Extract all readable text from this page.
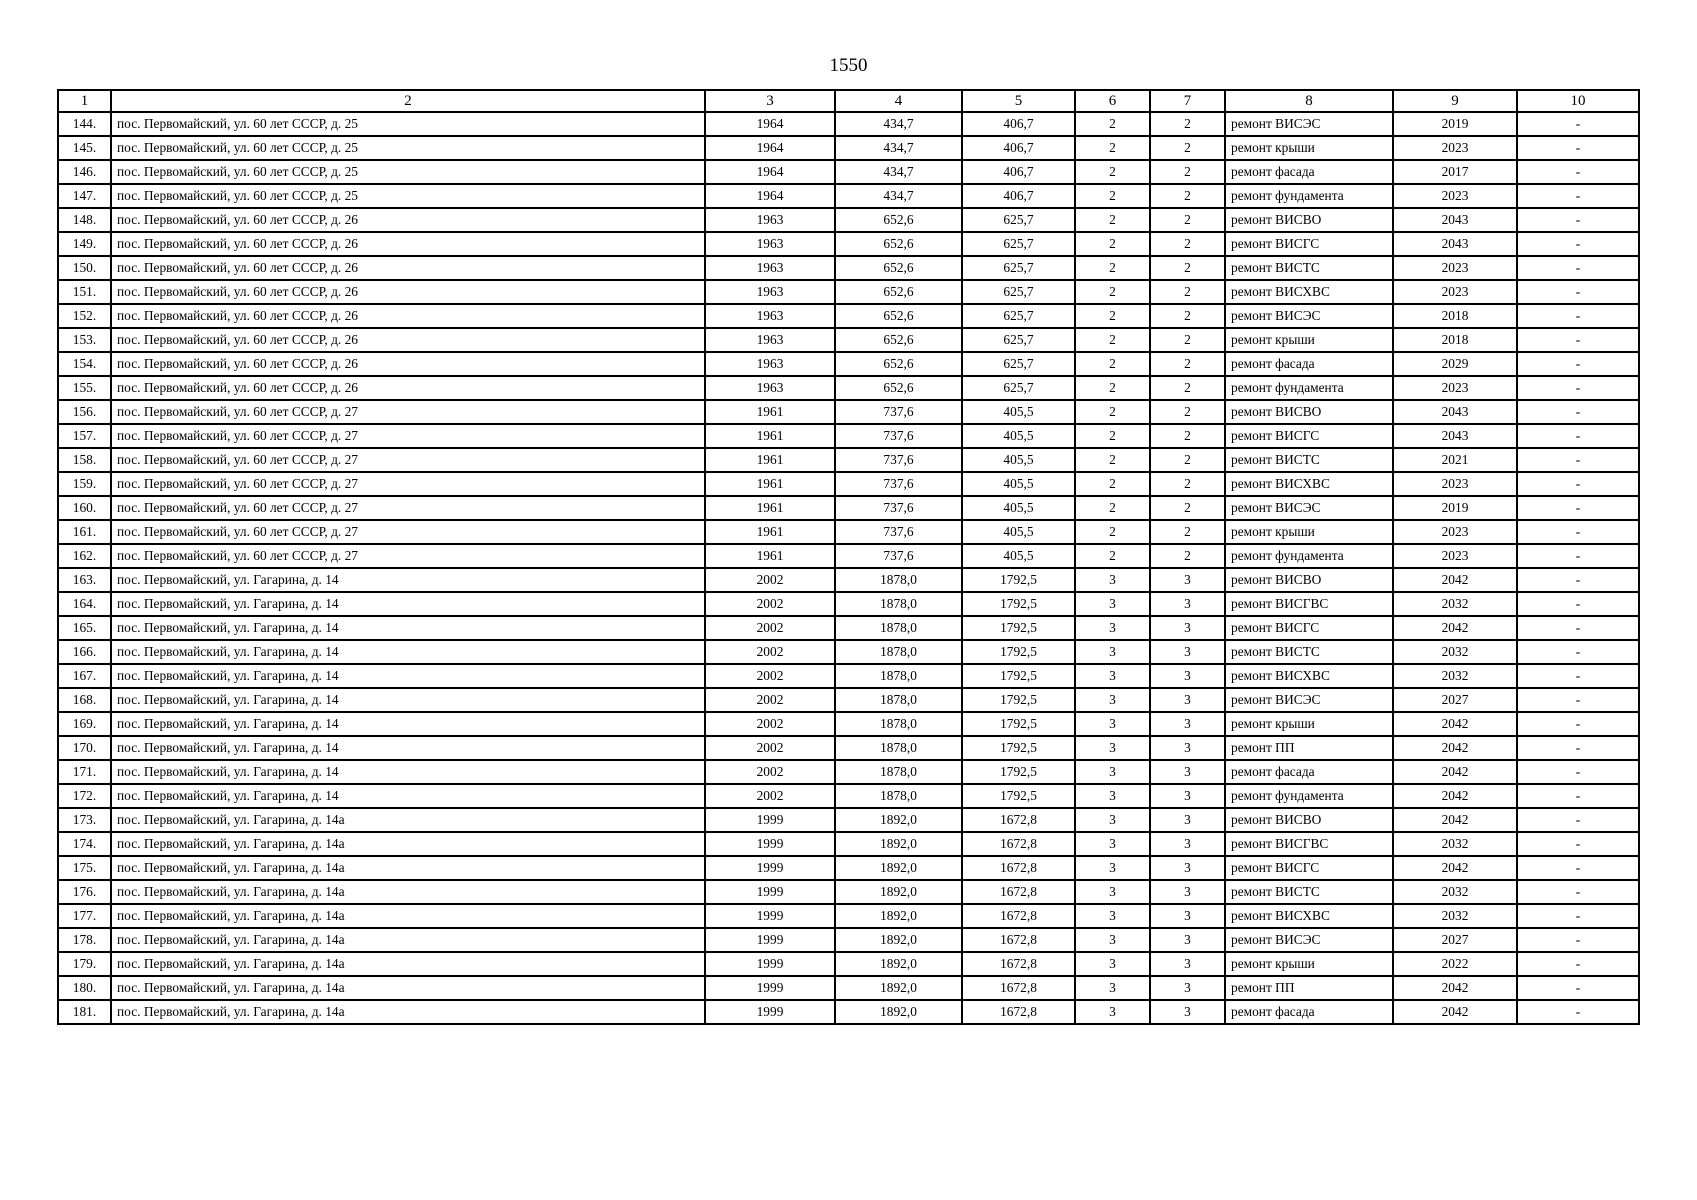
1550
1	2	3	4	5	6	7	8	9	10
144.	пос. Первомайский, ул. 60 лет СССР, д. 25	1964	434,7	406,7	2	2	ремонт ВИСЭС	2019	-
145.	пос. Первомайский, ул. 60 лет СССР, д. 25	1964	434,7	406,7	2	2	ремонт крыши	2023	-
146.	пос. Первомайский, ул. 60 лет СССР, д. 25	1964	434,7	406,7	2	2	ремонт фасада	2017	-
147.	пос. Первомайский, ул. 60 лет СССР, д. 25	1964	434,7	406,7	2	2	ремонт фундамента	2023	-
148.	пос. Первомайский, ул. 60 лет СССР, д. 26	1963	652,6	625,7	2	2	ремонт ВИСВО	2043	-
149.	пос. Первомайский, ул. 60 лет СССР, д. 26	1963	652,6	625,7	2	2	ремонт ВИСГС	2043	-
150.	пос. Первомайский, ул. 60 лет СССР, д. 26	1963	652,6	625,7	2	2	ремонт ВИСТС	2023	-
151.	пос. Первомайский, ул. 60 лет СССР, д. 26	1963	652,6	625,7	2	2	ремонт ВИСХВС	2023	-
152.	пос. Первомайский, ул. 60 лет СССР, д. 26	1963	652,6	625,7	2	2	ремонт ВИСЭС	2018	-
153.	пос. Первомайский, ул. 60 лет СССР, д. 26	1963	652,6	625,7	2	2	ремонт крыши	2018	-
154.	пос. Первомайский, ул. 60 лет СССР, д. 26	1963	652,6	625,7	2	2	ремонт фасада	2029	-
155.	пос. Первомайский, ул. 60 лет СССР, д. 26	1963	652,6	625,7	2	2	ремонт фундамента	2023	-
156.	пос. Первомайский, ул. 60 лет СССР, д. 27	1961	737,6	405,5	2	2	ремонт ВИСВО	2043	-
157.	пос. Первомайский, ул. 60 лет СССР, д. 27	1961	737,6	405,5	2	2	ремонт ВИСГС	2043	-
158.	пос. Первомайский, ул. 60 лет СССР, д. 27	1961	737,6	405,5	2	2	ремонт ВИСТС	2021	-
159.	пос. Первомайский, ул. 60 лет СССР, д. 27	1961	737,6	405,5	2	2	ремонт ВИСХВС	2023	-
160.	пос. Первомайский, ул. 60 лет СССР, д. 27	1961	737,6	405,5	2	2	ремонт ВИСЭС	2019	-
161.	пос. Первомайский, ул. 60 лет СССР, д. 27	1961	737,6	405,5	2	2	ремонт крыши	2023	-
162.	пос. Первомайский, ул. 60 лет СССР, д. 27	1961	737,6	405,5	2	2	ремонт фундамента	2023	-
163.	пос. Первомайский, ул. Гагарина, д. 14	2002	1878,0	1792,5	3	3	ремонт ВИСВО	2042	-
164.	пос. Первомайский, ул. Гагарина, д. 14	2002	1878,0	1792,5	3	3	ремонт ВИСГВС	2032	-
165.	пос. Первомайский, ул. Гагарина, д. 14	2002	1878,0	1792,5	3	3	ремонт ВИСГС	2042	-
166.	пос. Первомайский, ул. Гагарина, д. 14	2002	1878,0	1792,5	3	3	ремонт ВИСТС	2032	-
167.	пос. Первомайский, ул. Гагарина, д. 14	2002	1878,0	1792,5	3	3	ремонт ВИСХВС	2032	-
168.	пос. Первомайский, ул. Гагарина, д. 14	2002	1878,0	1792,5	3	3	ремонт ВИСЭС	2027	-
169.	пос. Первомайский, ул. Гагарина, д. 14	2002	1878,0	1792,5	3	3	ремонт крыши	2042	-
170.	пос. Первомайский, ул. Гагарина, д. 14	2002	1878,0	1792,5	3	3	ремонт ПП	2042	-
171.	пос. Первомайский, ул. Гагарина, д. 14	2002	1878,0	1792,5	3	3	ремонт фасада	2042	-
172.	пос. Первомайский, ул. Гагарина, д. 14	2002	1878,0	1792,5	3	3	ремонт фундамента	2042	-
173.	пос. Первомайский, ул. Гагарина, д. 14а	1999	1892,0	1672,8	3	3	ремонт ВИСВО	2042	-
174.	пос. Первомайский, ул. Гагарина, д. 14а	1999	1892,0	1672,8	3	3	ремонт ВИСГВС	2032	-
175.	пос. Первомайский, ул. Гагарина, д. 14а	1999	1892,0	1672,8	3	3	ремонт ВИСГС	2042	-
176.	пос. Первомайский, ул. Гагарина, д. 14а	1999	1892,0	1672,8	3	3	ремонт ВИСТС	2032	-
177.	пос. Первомайский, ул. Гагарина, д. 14а	1999	1892,0	1672,8	3	3	ремонт ВИСХВС	2032	-
178.	пос. Первомайский, ул. Гагарина, д. 14а	1999	1892,0	1672,8	3	3	ремонт ВИСЭС	2027	-
179.	пос. Первомайский, ул. Гагарина, д. 14а	1999	1892,0	1672,8	3	3	ремонт крыши	2022	-
180.	пос. Первомайский, ул. Гагарина, д. 14а	1999	1892,0	1672,8	3	3	ремонт ПП	2042	-
181.	пос. Первомайский, ул. Гагарина, д. 14а	1999	1892,0	1672,8	3	3	ремонт фасада	2042	-
